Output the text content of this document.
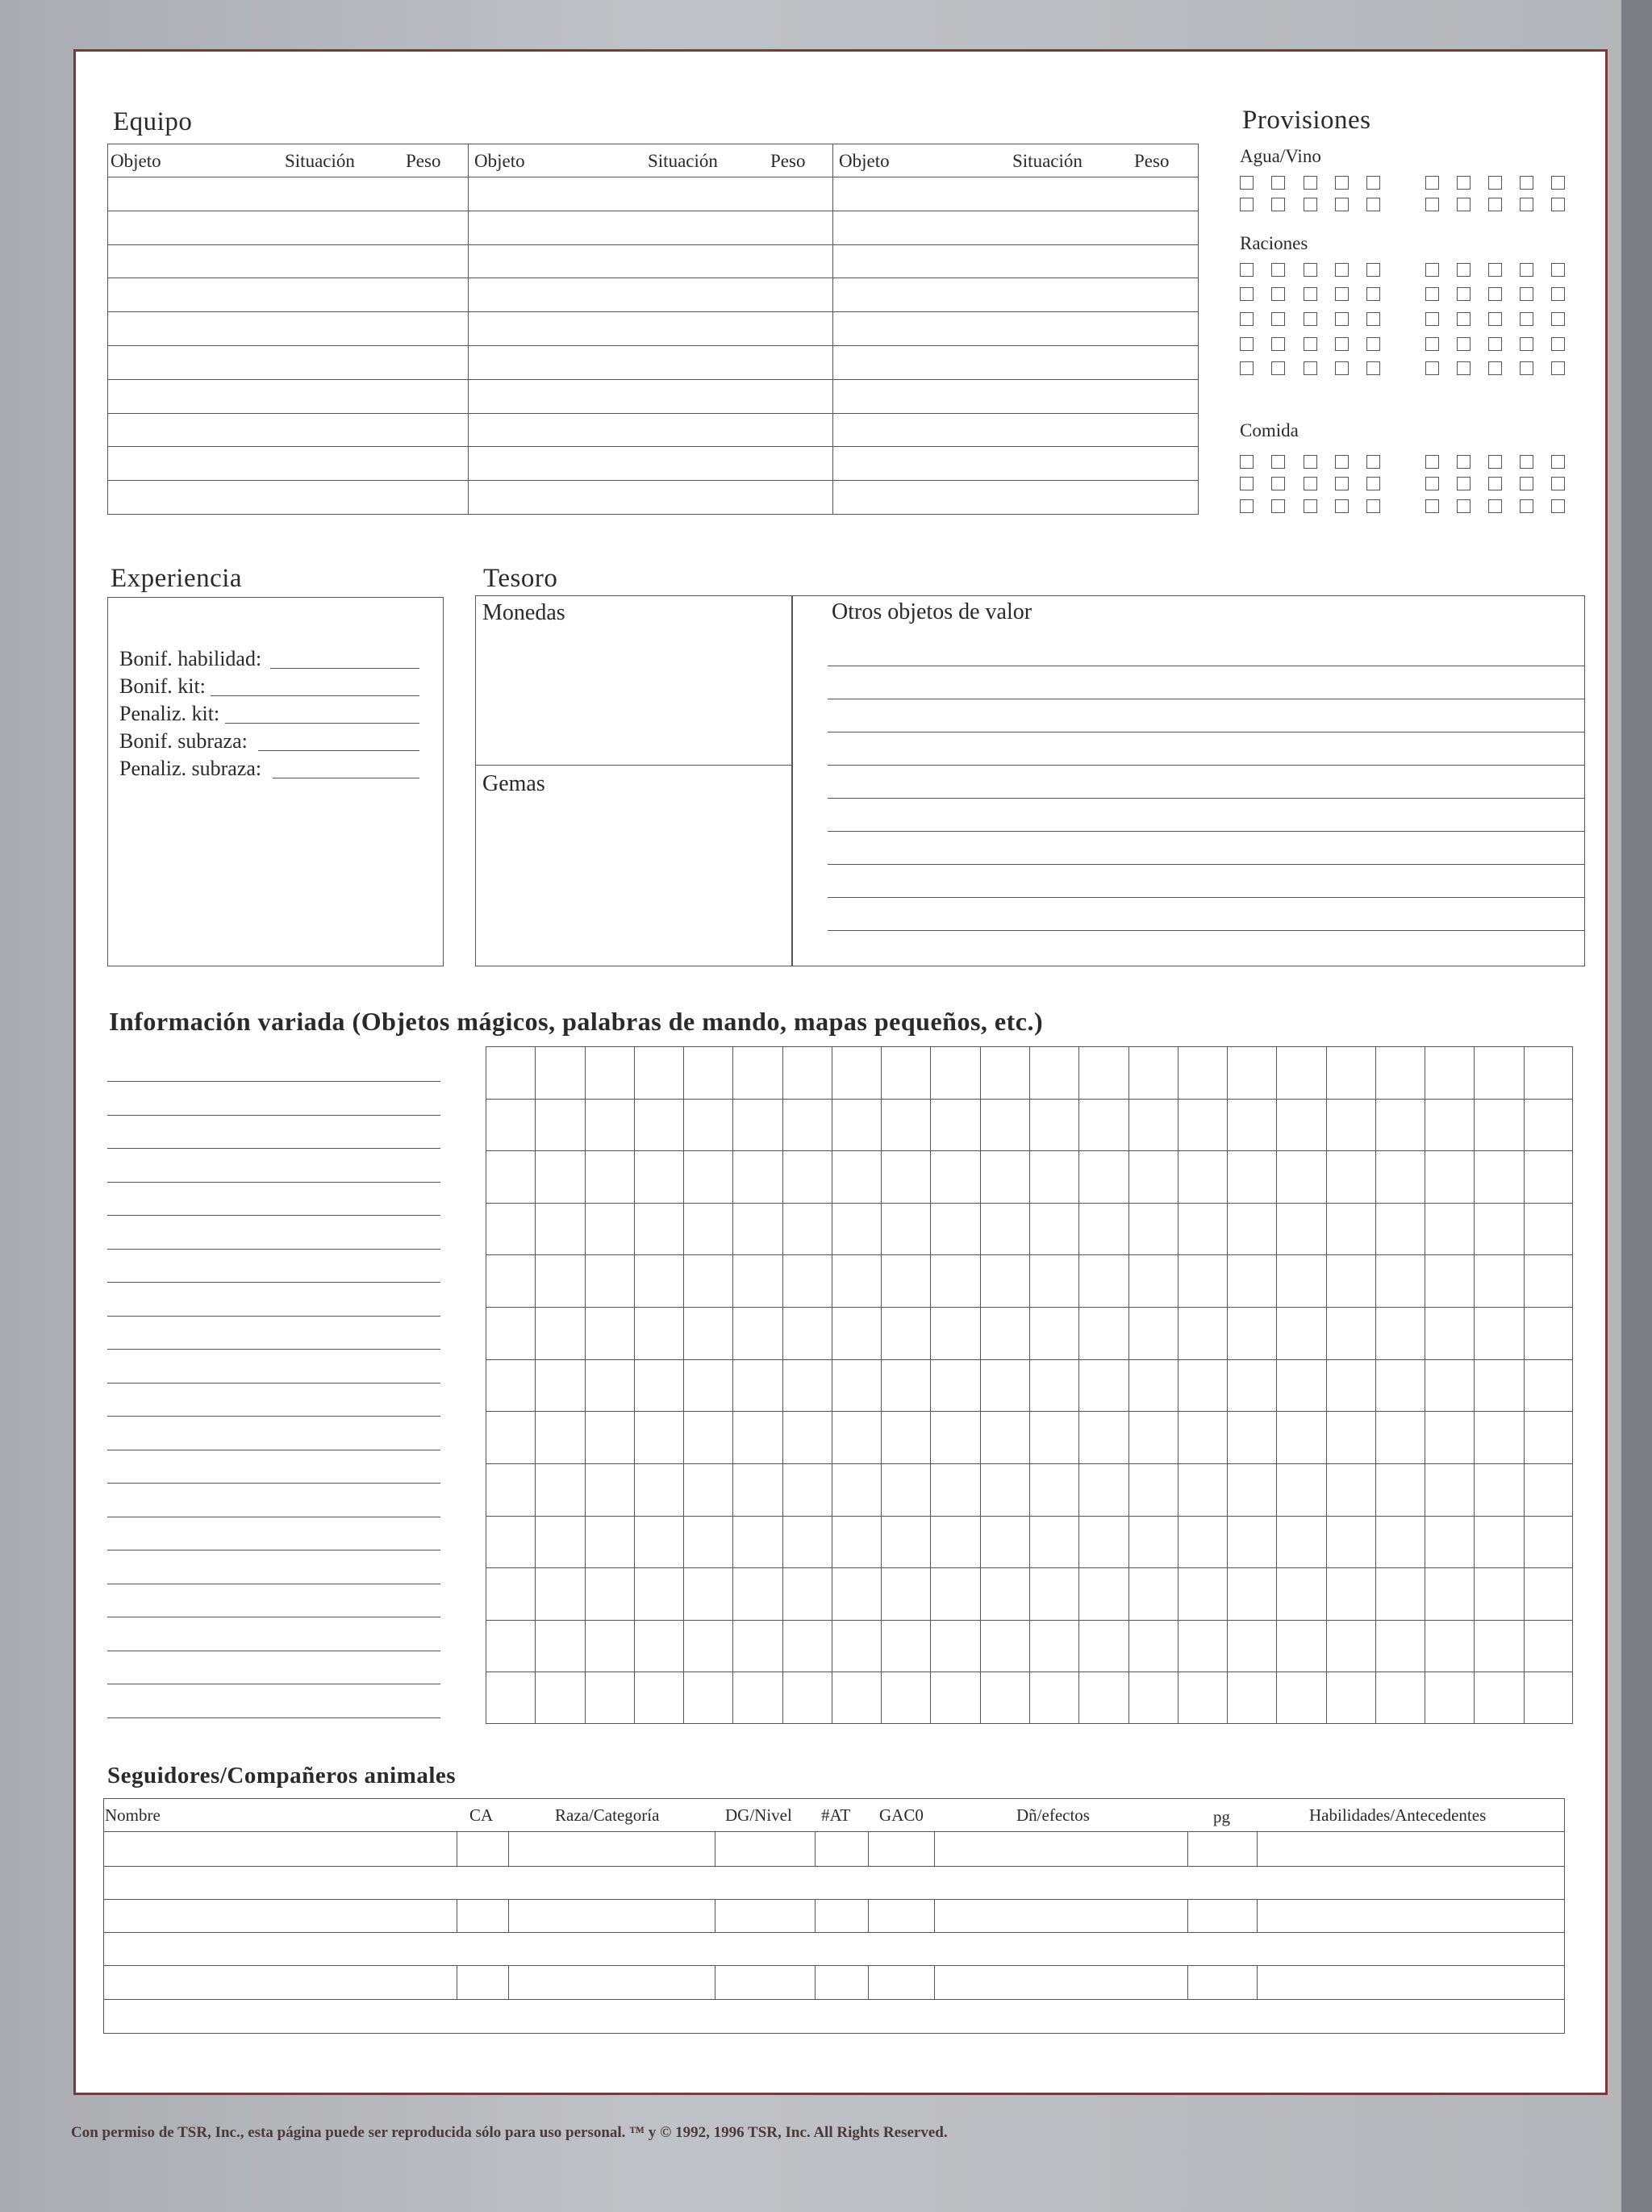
Equipo
Objeto	Situación	Peso Objeto	Situación	Peso Objeto	Situación	Peso
Provisiones
Agua/Vino
Raciones
Comida
Experiencia
Bonif. habilidad:
Bonif. kit:
Penaliz. kit:
Bonif. subraza:
Penaliz. subraza:
Tesoro
Monedas
Gemas
Otros objetos de valor
Información variada (Objetos mágicos, palabras de mando, mapas pequeños, etc.)
Seguidores/Compañeros animales
Nombre	CA	Raza/Categoría	DG/Nivel #AT GAC0	Dñ/efectos	pg	Habilidades/Antecedentes
Con permiso de TSR, Inc., esta página puede ser reproducida sólo para uso personal. ™ y © 1992, 1996 TSR, Inc. All Rights Reserved.
